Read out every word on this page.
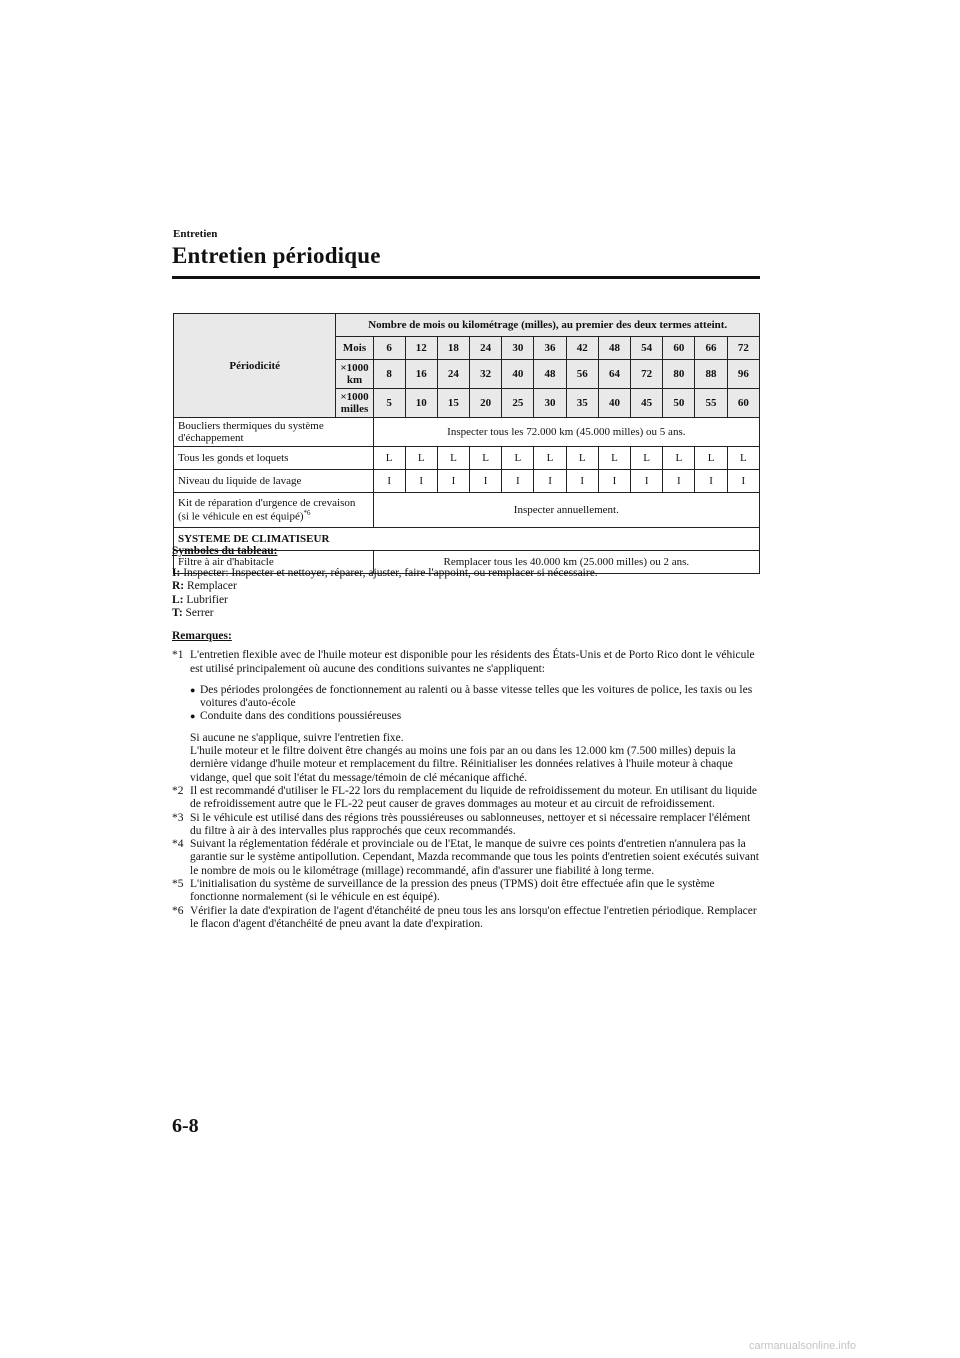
Entretien
Entretien périodique
Périodicité	Nombre de mois ou kilométrage (milles), au premier des deux termes atteint.												
	Mois	6	12	18	24	30	36	42	48	54	60	66	72
	×1000 km	8	16	24	32	40	48	56	64	72	80	88	96
	×1000 milles	5	10	15	20	25	30	35	40	45	50	55	60
Boucliers thermiques du système d'échappement		Inspecter tous les 72.000 km (45.000 milles) ou 5 ans.											
Tous les gonds et loquets		L	L	L	L	L	L	L	L	L	L	L	L
Niveau du liquide de lavage		I	I	I	I	I	I	I	I	I	I	I	I
Kit de réparation d'urgence de crevaison (si le véhicule en est équipé)$^{*6}$		Inspecter annuellement.											
SYSTEME DE CLIMATISEUR													
Filtre à air d'habitacle		Remplacer tous les 40.000 km (25.000 milles) ou 2 ans.											
Symboles du tableau:
I: Inspecter: Inspecter et nettoyer, réparer, ajuster, faire l'appoint, ou remplacer si nécessaire.
R: Remplacer
L: Lubrifier
T: Serrer
Remarques:
*1 L'entretien flexible avec de l'huile moteur est disponible pour les résidents des États-Unis et de Porto Rico dont le véhicule est utilisé principalement où aucune des conditions suivantes ne s'appliquent:
● Des périodes prolongées de fonctionnement au ralenti ou à basse vitesse telles que les voitures de police, les taxis ou les voitures d'auto-école
● Conduite dans des conditions poussiéreuses
Si aucune ne s'applique, suivre l'entretien fixe.
L'huile moteur et le filtre doivent être changés au moins une fois par an ou dans les 12.000 km (7.500 milles) depuis la dernière vidange d'huile moteur et remplacement du filtre. Réinitialiser les données relatives à l'huile moteur à chaque vidange, quel que soit l'état du message/témoin de clé mécanique affiché.
*2 Il est recommandé d'utiliser le FL-22 lors du remplacement du liquide de refroidissement du moteur. En utilisant du liquide de refroidissement autre que le FL-22 peut causer de graves dommages au moteur et au circuit de refroidissement.
*3 Si le véhicule est utilisé dans des régions très poussiéreuses ou sablonneuses, nettoyer et si nécessaire remplacer l'élément du filtre à air à des intervalles plus rapprochés que ceux recommandés.
*4 Suivant la réglementation fédérale et provinciale ou de l'Etat, le manque de suivre ces points d'entretien n'annulera pas la garantie sur le système antipollution. Cependant, Mazda recommande que tous les points d'entretien soient exécutés suivant le nombre de mois ou le kilométrage (millage) recommandé, afin d'assurer une fiabilité à long terme.
*5 L'initialisation du système de surveillance de la pression des pneus (TPMS) doit être effectuée afin que le système fonctionne normalement (si le véhicule en est équipé).
*6 Vérifier la date d'expiration de l'agent d'étanchéité de pneu tous les ans lorsqu'on effectue l'entretien périodique. Remplacer le flacon d'agent d'étanchéité de pneu avant la date d'expiration.
6-8
carmanualsonline.info
